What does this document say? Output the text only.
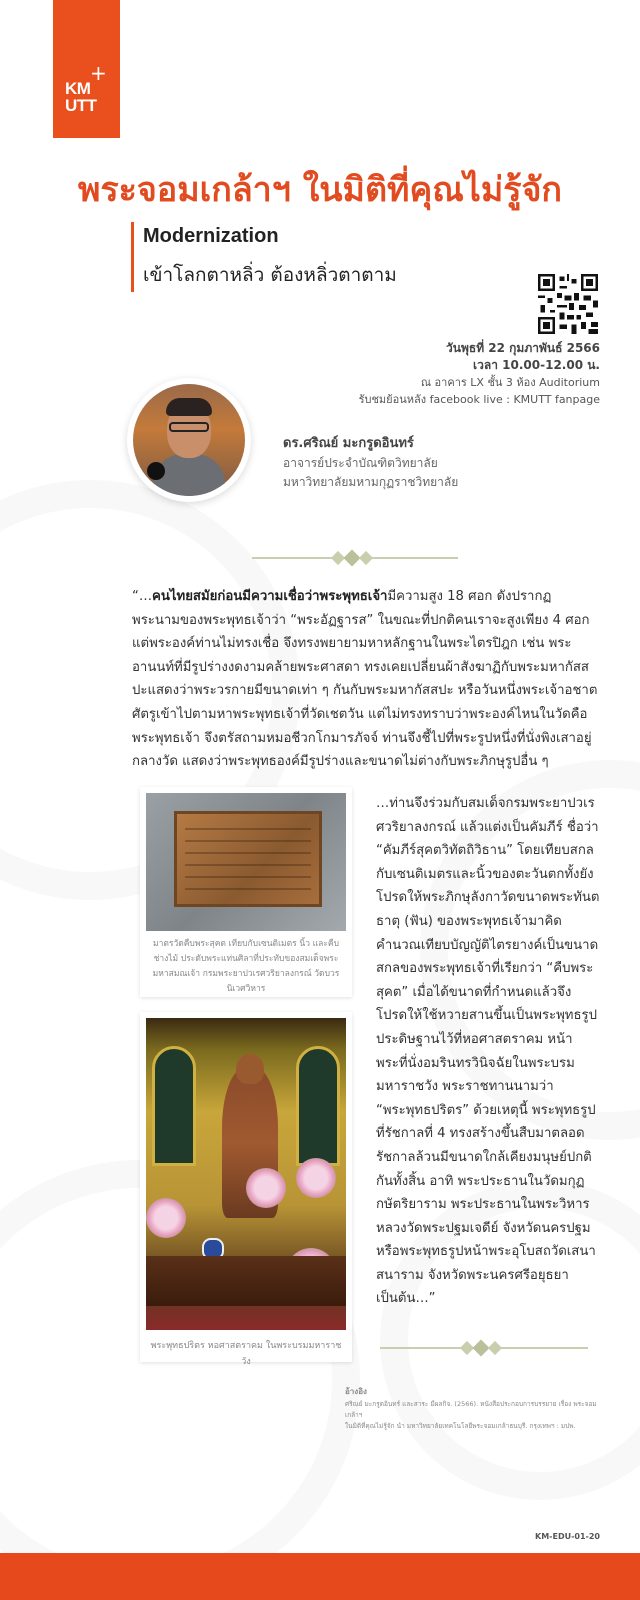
+
KM
UTT
พระจอมเกล้าฯ ในมิติที่คุณไม่รู้จัก
Modernization
เข้าโลกตาหลิ่ว ต้องหลิ่วตาตาม
วันพุธที่ 22 กุมภาพันธ์ 2566
เวลา 10.00-12.00 น.
ณ อาคาร LX ชั้น 3 ห้อง Auditorium
รับชมย้อนหลัง facebook live : KMUTT fanpage
ดร.ศริณย์ มะกรูดอินทร์
อาจารย์ประจำบัณฑิตวิทยาลัย
มหาวิทยาลัยมหามกุฏราชวิทยาลัย
“…คนไทยสมัยก่อนมีความเชื่อว่าพระพุทธเจ้ามีความสูง 18 ศอก ดังปรากฏพระนามของพระพุทธเจ้าว่า “พระอัฏฐารส” ในขณะที่ปกติคนเราจะสูงเพียง 4 ศอก แต่พระองค์ท่านไม่ทรงเชื่อ จึงทรงพยายามหาหลักฐานในพระไตรปิฎก เช่น พระอานนท์ที่มีรูปร่างงดงามคล้ายพระศาสดา ทรงเคยเปลี่ยนผ้าสังฆาฏิกับพระมหากัสสปะแสดงว่าพระวรกายมีขนาดเท่า ๆ กันกับพระมหากัสสปะ หรือวันหนึ่งพระเจ้าอชาตศัตรูเข้าไปตามหาพระพุทธเจ้าที่วัดเชตวัน แต่ไม่ทรงทราบว่าพระองค์ไหนในวัดคือพระพุทธเจ้า จึงตรัสถามหมอชีวกโกมารภัจจ์ ท่านจึงชี้ไปที่พระรูปหนึ่งที่นั่งพิงเสาอยู่กลางวัด แสดงว่าพระพุทธองค์มีรูปร่างและขนาดไม่ต่างกับพระภิกษุรูปอื่น ๆ
มาตรวัดคืบพระสุคต เทียบกับเซนติเมตร นิ้ว และคืบช่างไม้ ประดับพระแท่นศิลาที่ประทับของสมเด็จพระมหาสมณเจ้า กรมพระยาปวเรศวริยาลงกรณ์ วัดบวรนิเวศวิหาร
พระพุทธปริตร หอศาสตราคม ในพระบรมมหาราชวัง
…ท่านจึงร่วมกับสมเด็จกรมพระยาปวเรศวริยาลงกรณ์ แล้วแต่งเป็นคัมภีร์ ชื่อว่า “คัมภีร์สุคตวิทัตถิวิธาน” โดยเทียบสกลกับเซนติเมตรและนิ้วของตะวันตกทั้งยังโปรดให้พระภิกษุลังกาวัดขนาดพระทันตธาตุ (ฟัน) ของพระพุทธเจ้ามาคิดคำนวณเทียบบัญญัติไตรยางค์เป็นขนาดสกลของพระพุทธเจ้าที่เรียกว่า “คืบพระสุคต” เมื่อได้ขนาดที่กำหนดแล้วจึงโปรดให้ใช้หวายสานขึ้นเป็นพระพุทธรูปประดิษฐานไว้ที่หอศาสตราคม หน้าพระที่นั่งอมรินทรวินิจฉัยในพระบรมมหาราชวัง พระราชทานนามว่า “พระพุทธปริตร” ด้วยเหตุนี้ พระพุทธรูปที่รัชกาลที่ 4 ทรงสร้างขึ้นสืบมาตลอดรัชกาลล้วนมีขนาดใกล้เคียงมนุษย์ปกติกันทั้งสิ้น อาทิ พระประธานในวัดมกุฏกษัตริยาราม พระประธานในพระวิหารหลวงวัดพระปฐมเจดีย์ จังหวัดนครปฐม หรือพระพุทธรูปหน้าพระอุโบสถวัดเสนาสนาราม จังหวัดพระนครศรีอยุธยา เป็นต้น…”
อ้างอิง
ศริณย์ มะกรูดอินทร์ และสาระ มีผลกิจ. (2566). หนังสือประกอบการบรรยาย เรื่อง พระจอมเกล้าฯ
ในมิติที่คุณไม่รู้จัก นำ มหาวิทยาลัยเทคโนโลยีพระจอมเกล้าธนบุรี. กรุงเทพฯ : มปพ.
KM-EDU-01-20
